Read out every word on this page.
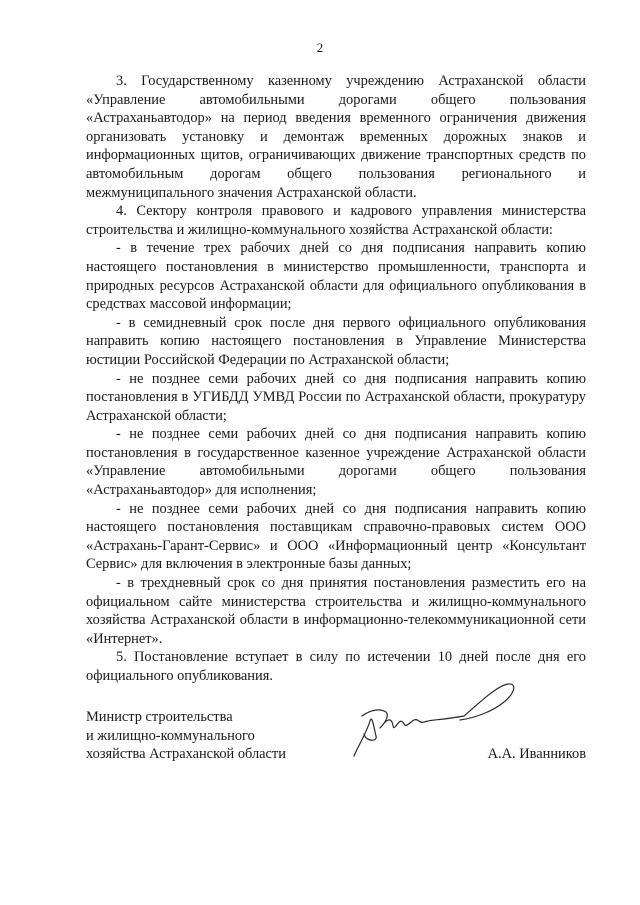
2

3. Государственному казенному учреждению Астраханской области «Управление автомобильными дорогами общего пользования «Астраханьавтодор» на период введения временного ограничения движения организовать установку и демонтаж временных дорожных знаков и информационных щитов, ограничивающих движение транспортных средств по автомобильным дорогам общего пользования регионального и межмуниципального значения Астраханской области.

4. Сектору контроля правового и кадрового управления министерства строительства и жилищно-коммунального хозяйства Астраханской области:

- в течение трех рабочих дней со дня подписания направить копию настоящего постановления в министерство промышленности, транспорта и природных ресурсов Астраханской области для официального опубликования в средствах массовой информации;

- в семидневный срок после дня первого официального опубликования направить копию настоящего постановления в Управление Министерства юстиции Российской Федерации по Астраханской области;

- не позднее семи рабочих дней со дня подписания направить копию постановления в УГИБДД УМВД России по Астраханской области, прокуратуру Астраханской области;

- не позднее семи рабочих дней со дня подписания направить копию постановления в государственное казенное учреждение Астраханской области «Управление автомобильными дорогами общего пользования «Астраханьавтодор» для исполнения;

- не позднее семи рабочих дней со дня подписания направить копию настоящего постановления поставщикам справочно-правовых систем ООО «Астрахань-Гарант-Сервис» и ООО «Информационный центр «Консультант Сервис» для включения в электронные базы данных;

- в трехдневный срок со дня принятия постановления разместить его на официальном сайте министерства строительства и жилищно-коммунального хозяйства Астраханской области в информационно-телекоммуникационной сети «Интернет».

5. Постановление вступает в силу по истечении 10 дней после дня его официального опубликования.

Министр строительства
и жилищно-коммунального
хозяйства Астраханской области	А.А. Иванников
